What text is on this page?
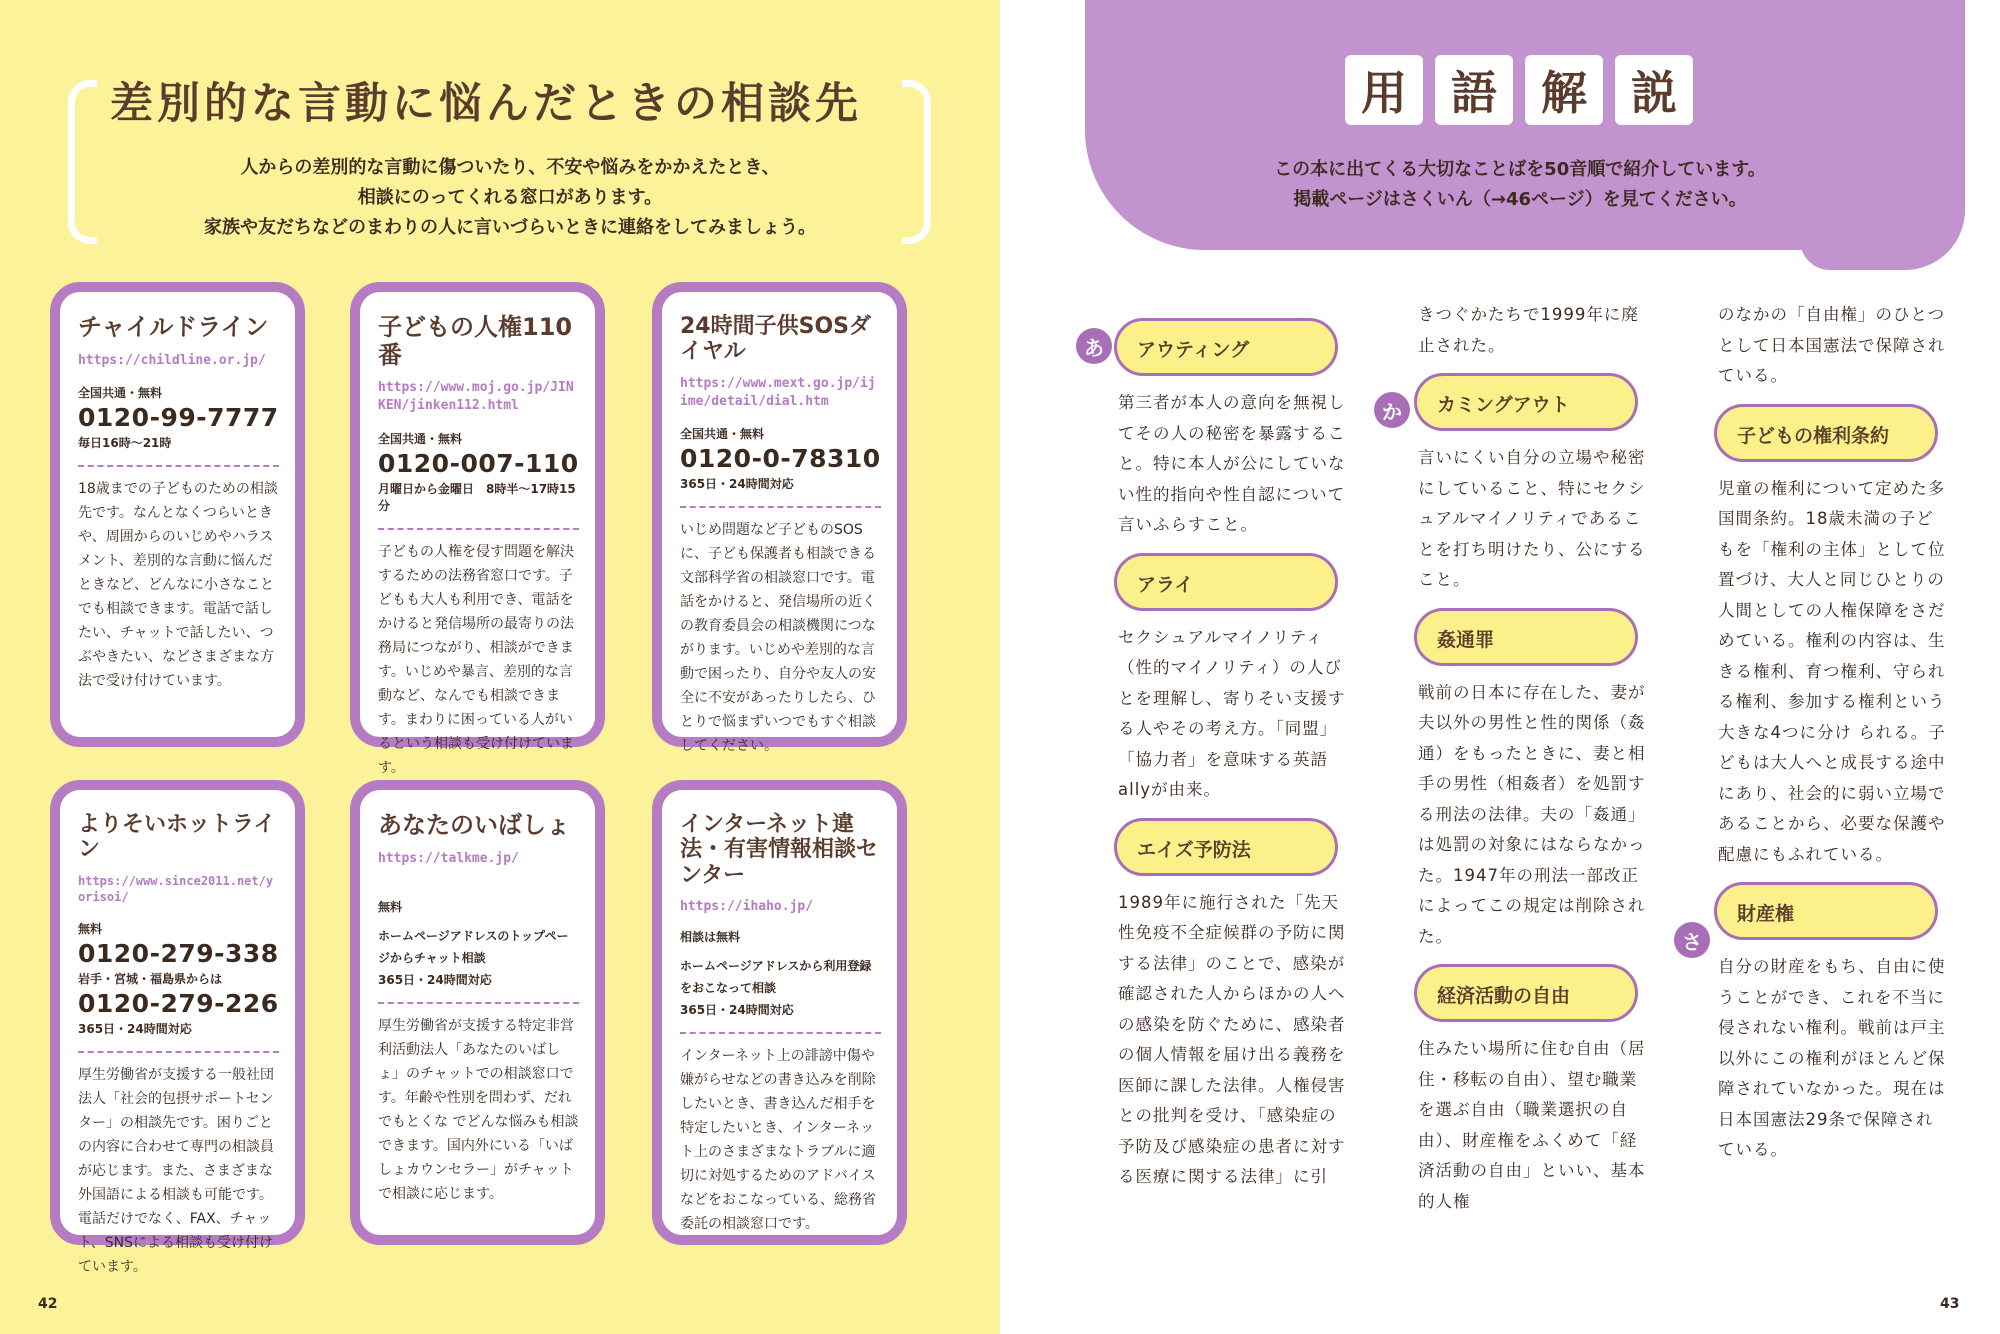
差別的な言動に悩んだときの相談先
人からの差別的な言動に傷ついたり、不安や悩みをかかえたとき、
相談にのってくれる窓口があります。
家族や友だちなどのまわりの人に言いづらいときに連絡をしてみましょう。
チャイルドライン
https://childline.or.jp/
全国共通・無料
0120-99-7777
毎日16時～21時
18歳までの子どものための相談先です。なんとなくつらいときや、周囲からのいじめやハラスメント、差別的な言動に悩んだときなど、どんなに小さなことでも相談できます。電話で話したい、チャットで話したい、つぶやきたい、などさまざまな方法で受け付けています。
子どもの人権110番
https://www.moj.go.jp/JINKEN/jinken112.html
全国共通・無料
0120-007-110
月曜日から金曜日　8時半～17時15分
子どもの人権を侵す問題を解決するための法務省窓口です。子どもも大人も利用でき、電話をかけると発信場所の最寄りの法務局につながり、相談ができます。いじめや暴言、差別的な言動など、なんでも相談できます。まわりに困っている人がいるという相談も受け付けています。
24時間子供SOSダイヤル
https://www.mext.go.jp/ijime/detail/dial.htm
全国共通・無料
0120-0-78310
365日・24時間対応
いじめ問題など子どものSOSに、子ども保護者も相談できる文部科学省の相談窓口です。電話をかけると、発信場所の近くの教育委員会の相談機関につながります。いじめや差別的な言動で困ったり、自分や友人の安全に不安があったりしたら、ひとりで悩まずいつでもすぐ相談してください。
よりそいホットライン
https://www.since2011.net/yorisoi/
無料
0120-279-338
岩手・宮城・福島県からは
0120-279-226
365日・24時間対応
厚生労働省が支援する一般社団法人「社会的包摂サポートセンター」の相談先です。困りごとの内容に合わせて専門の相談員が応じます。また、さまざまな外国語による相談も可能です。電話だけでなく、FAX、チャット、SNSによる相談も受け付けています。
あなたのいばしょ
https://talkme.jp/
無料
ホームページアドレスのトップページからチャット相談
365日・24時間対応
厚生労働省が支援する特定非営利活動法人「あなたのいばしょ」のチャットでの相談窓口です。年齢や性別を問わず、だれでもとくな でどんな悩みも相談できます。国内外にいる「いばしょカウンセラー」がチャットで相談に応じます。
インターネット違法・有害情報相談センター
https://ihaho.jp/
相談は無料
ホームページアドレスから利用登録をおこなって相談
365日・24時間対応
インターネット上の誹謗中傷や嫌がらせなどの書き込みを削除したいとき、書き込んだ相手を特定したいとき、インターネット上のさまざまなトラブルに適切に対処するためのアドバイスなどをおこなっている、総務省委託の相談窓口です。
42
用 語 解 説
この本に出てくる大切なことばを50音順で紹介しています。
掲載ページはさくいん（→46ページ）を見てください。
あ
か
さ
アウティング
第三者が本人の意向を無視してその人の秘密を暴露すること。特に本人が公にしていない性的指向や性自認について言いふらすこと。
アライ
セクシュアルマイノリティ（性的マイノリティ）の人びとを理解し、寄りそい支援する人やその考え方。「同盟」「協力者」を意味する英語allyが由来。
エイズ予防法
1989年に施行された「先天性免疫不全症候群の予防に関する法律」のことで、感染が確認された人からほかの人への感染を防ぐために、感染者の個人情報を届け出る義務を医師に課した法律。人権侵害との批判を受け、「感染症の予防及び感染症の患者に対する医療に関する法律」に引
きつぐかたちで1999年に廃止された。
カミングアウト
言いにくい自分の立場や秘密にしていること、特にセクシュアルマイノリティであることを打ち明けたり、公にすること。
姦通罪
戦前の日本に存在した、妻が夫以外の男性と性的関係（姦通）をもったときに、妻と相手の男性（相姦者）を処罰する刑法の法律。夫の「姦通」は処罰の対象にはならなかった。1947年の刑法一部改正によってこの規定は削除された。
経済活動の自由
住みたい場所に住む自由（居住・移転の自由）、望む職業を選ぶ自由（職業選択の自由）、財産権をふくめて「経済活動の自由」といい、基本的人権
のなかの「自由権」のひとつとして日本国憲法で保障されている。
子どもの権利条約
児童の権利について定めた多国間条約。18歳未満の子どもを「権利の主体」として位置づけ、大人と同じひとりの人間としての人権保障をさだめている。権利の内容は、生きる権利、育つ権利、守られる権利、参加する権利という大きな4つに分け られる。子どもは大人へと成長する途中にあり、社会的に弱い立場であることから、必要な保護や配慮にもふれている。
財産権
自分の財産をもち、自由に使うことができ、これを不当に侵されない権利。戦前は戸主以外にこの権利がほとんど保障されていなかった。現在は日本国憲法29条で保障されている。
43
